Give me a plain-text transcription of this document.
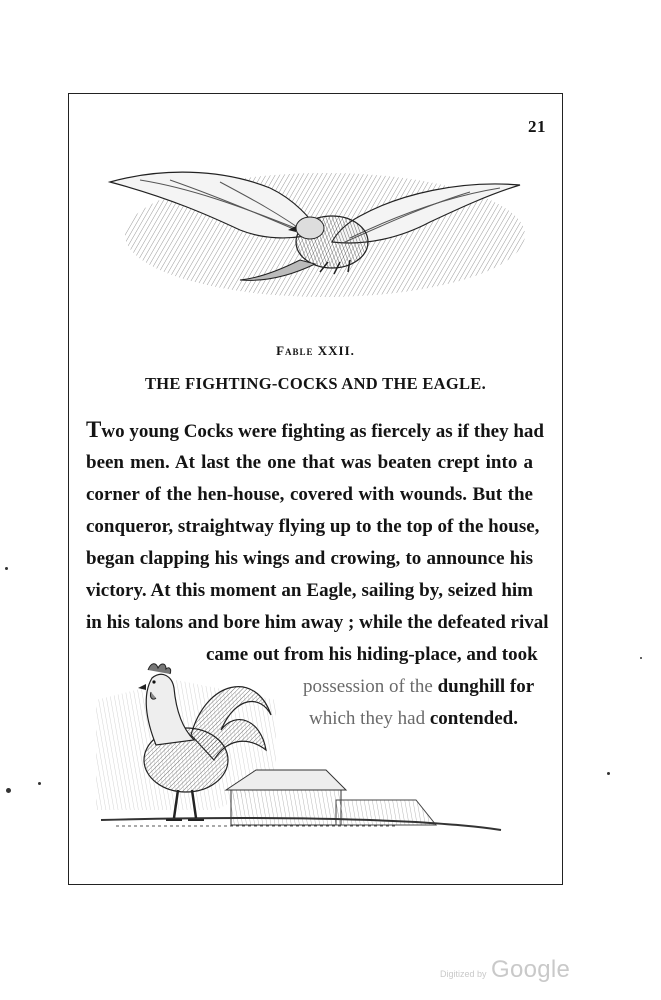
21
Fable XXII.
THE FIGHTING-COCKS AND THE EAGLE.
Two young Cocks were fighting as fiercely as if they had
been men. At last the one that was beaten crept into a
corner of the hen-house, covered with wounds. But the
conqueror, straightway flying up to the top of the house,
began clapping his wings and crowing, to announce his
victory. At this moment an Eagle, sailing by, seized him
in his talons and bore him away ; while the defeated rival
came out from his hiding-place, and took
possession of the dunghill for
which they had contended.
Digitized by Google
